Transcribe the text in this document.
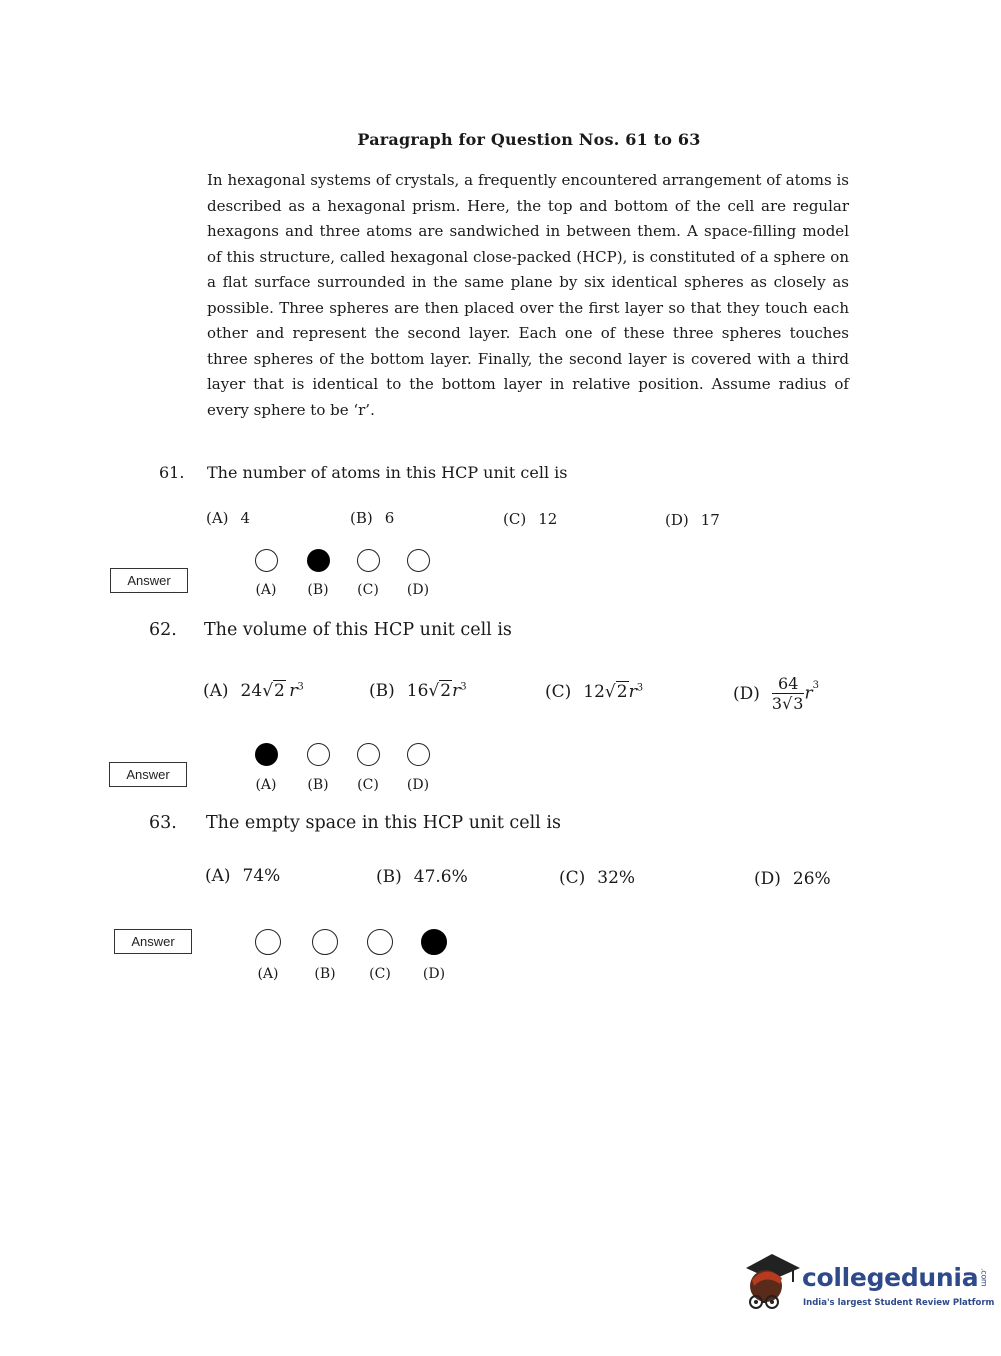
Paragraph for Question Nos. 61 to 63
In hexagonal systems of crystals, a frequently encountered arrangement of atoms is described as a hexagonal prism. Here, the top and bottom of the cell are regular hexagons and three atoms are sandwiched in between them. A space-filling model of this structure, called hexagonal close-packed (HCP), is constituted of a sphere on a flat surface surrounded in the same plane by six identical spheres as closely as possible. Three spheres are then placed over the first layer so that they touch each other and represent the second layer. Each one of these three spheres touches three spheres of the bottom layer. Finally, the second layer is covered with a third layer that is identical to the bottom layer in relative position. Assume radius of every sphere to be ‘r’.
61. The number of atoms in this HCP unit cell is
(A) 4	(B) 6	(C) 12	(D) 17
Answer
(A)	(B)	(C)	(D)
62. The volume of this HCP unit cell is
(A) 24√2  $r^3$	(B) $16√2r^3$	(C) $12√2r^3$	$(D) \frac{64}{3√3} r^3$
Answer
(A)	(B)	(C)	(D)
63. The empty space in this HCP unit cell is
(A) 74%	(B) 47.6%	(C) 32%	(D) 26%
Answer
(A)	(B)	(C)	(D)
collegedunia.com
India's largest Student Review Platform
